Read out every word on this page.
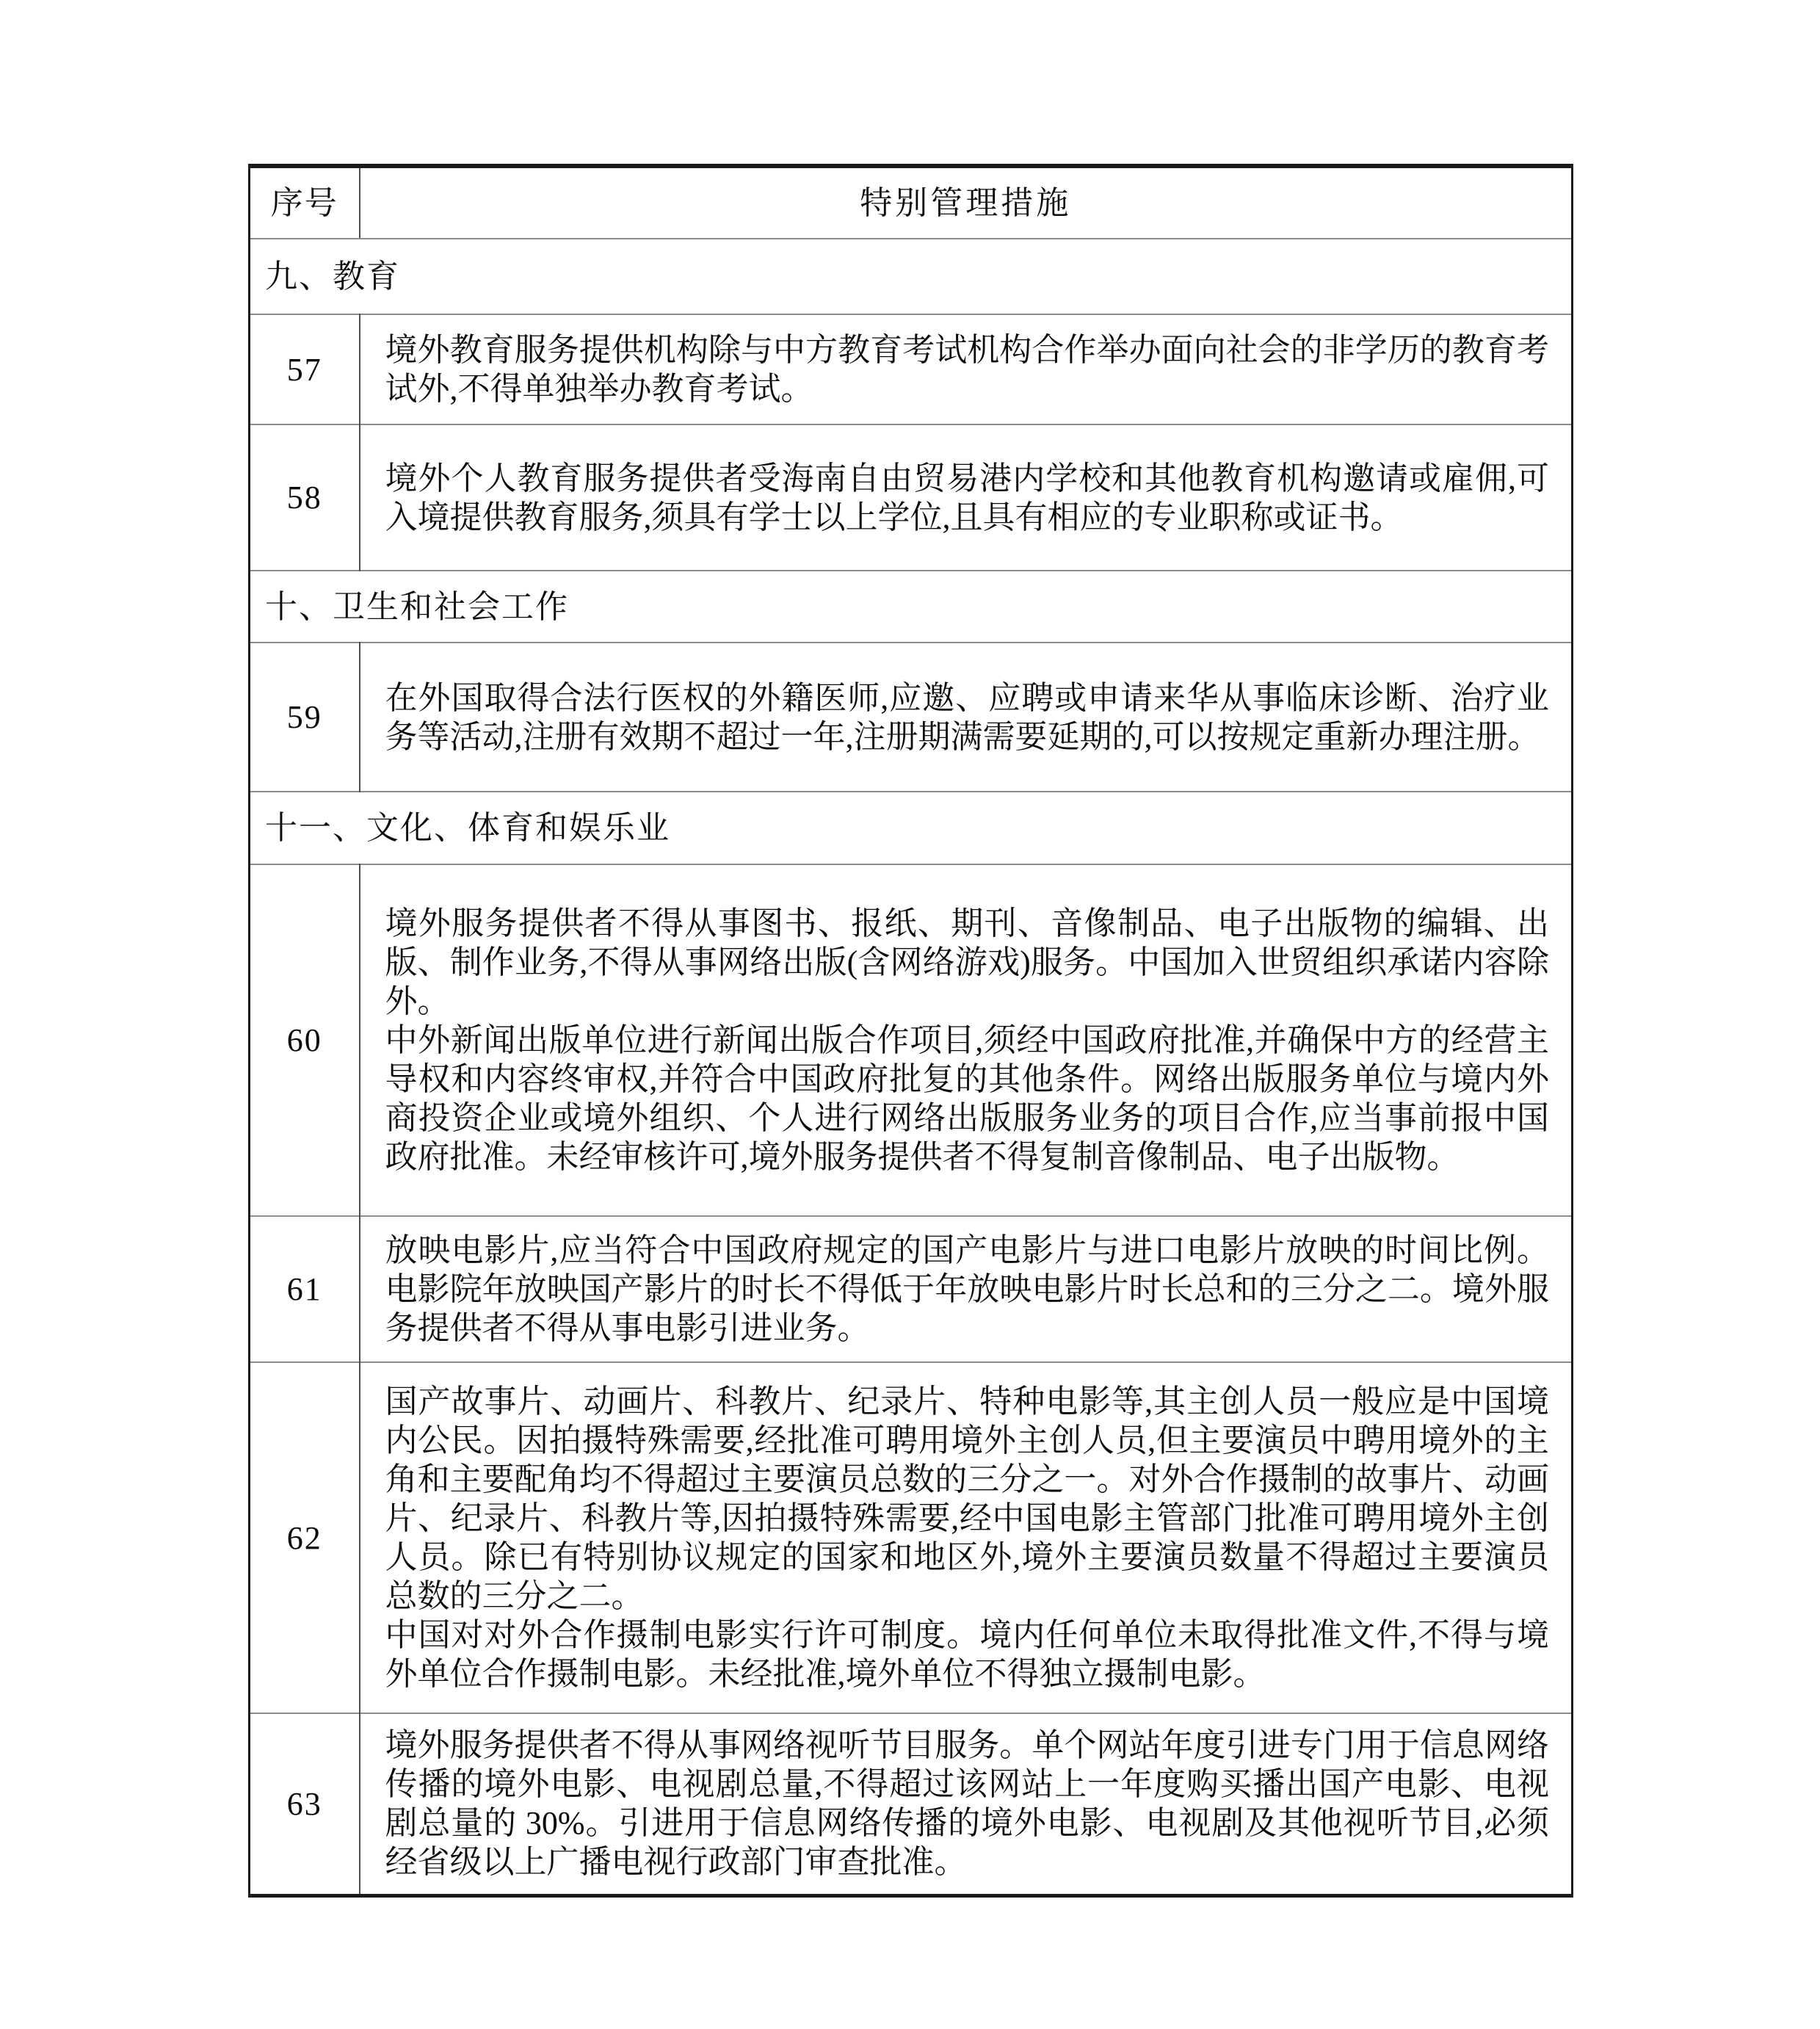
序号	特别管理措施
九、教育	
57	境外教育服务提供机构除与中方教育考试机构合作举办面向社会的非学历的教育考试外,不得单独举办教育考试。

58	境外个人教育服务提供者受海南自由贸易港内学校和其他教育机构邀请或雇佣,可入境提供教育服务,须具有学士以上学位,且具有相应的专业职称或证书。

十、卫生和社会工作	
59	在外国取得合法行医权的外籍医师,应邀、应聘或申请来华从事临床诊断、治疗业务等活动,注册有效期不超过一年,注册期满需要延期的,可以按规定重新办理注册。

十一、文化、体育和娱乐业	
60	境外服务提供者不得从事图书、报纸、期刊、音像制品、电子出版物的编辑、出版、制作业务,不得从事网络出版(含网络游戏)服务。中国加入世贸组织承诺内容除外。

中外新闻出版单位进行新闻出版合作项目,须经中国政府批准,并确保中方的经营主导权和内容终审权,并符合中国政府批复的其他条件。网络出版服务单位与境内外商投资企业或境外组织、个人进行网络出版服务业务的项目合作,应当事前报中国政府批准。未经审核许可,境外服务提供者不得复制音像制品、电子出版物。

61	放映电影片,应当符合中国政府规定的国产电影片与进口电影片放映的时间比例。电影院年放映国产影片的时长不得低于年放映电影片时长总和的三分之二。境外服务提供者不得从事电影引进业务。

62	国产故事片、动画片、科教片、纪录片、特种电影等,其主创人员一般应是中国境内公民。因拍摄特殊需要,经批准可聘用境外主创人员,但主要演员中聘用境外的主角和主要配角均不得超过主要演员总数的三分之一。对外合作摄制的故事片、动画片、纪录片、科教片等,因拍摄特殊需要,经中国电影主管部门批准可聘用境外主创人员。除已有特别协议规定的国家和地区外,境外主要演员数量不得超过主要演员总数的三分之二。

中国对对外合作摄制电影实行许可制度。境内任何单位未取得批准文件,不得与境外单位合作摄制电影。未经批准,境外单位不得独立摄制电影。

63	境外服务提供者不得从事网络视听节目服务。单个网站年度引进专门用于信息网络传播的境外电影、电视剧总量,不得超过该网站上一年度购买播出国产电影、电视剧总量的 30%。引进用于信息网络传播的境外电影、电视剧及其他视听节目,必须经省级以上广播电视行政部门审查批准。
